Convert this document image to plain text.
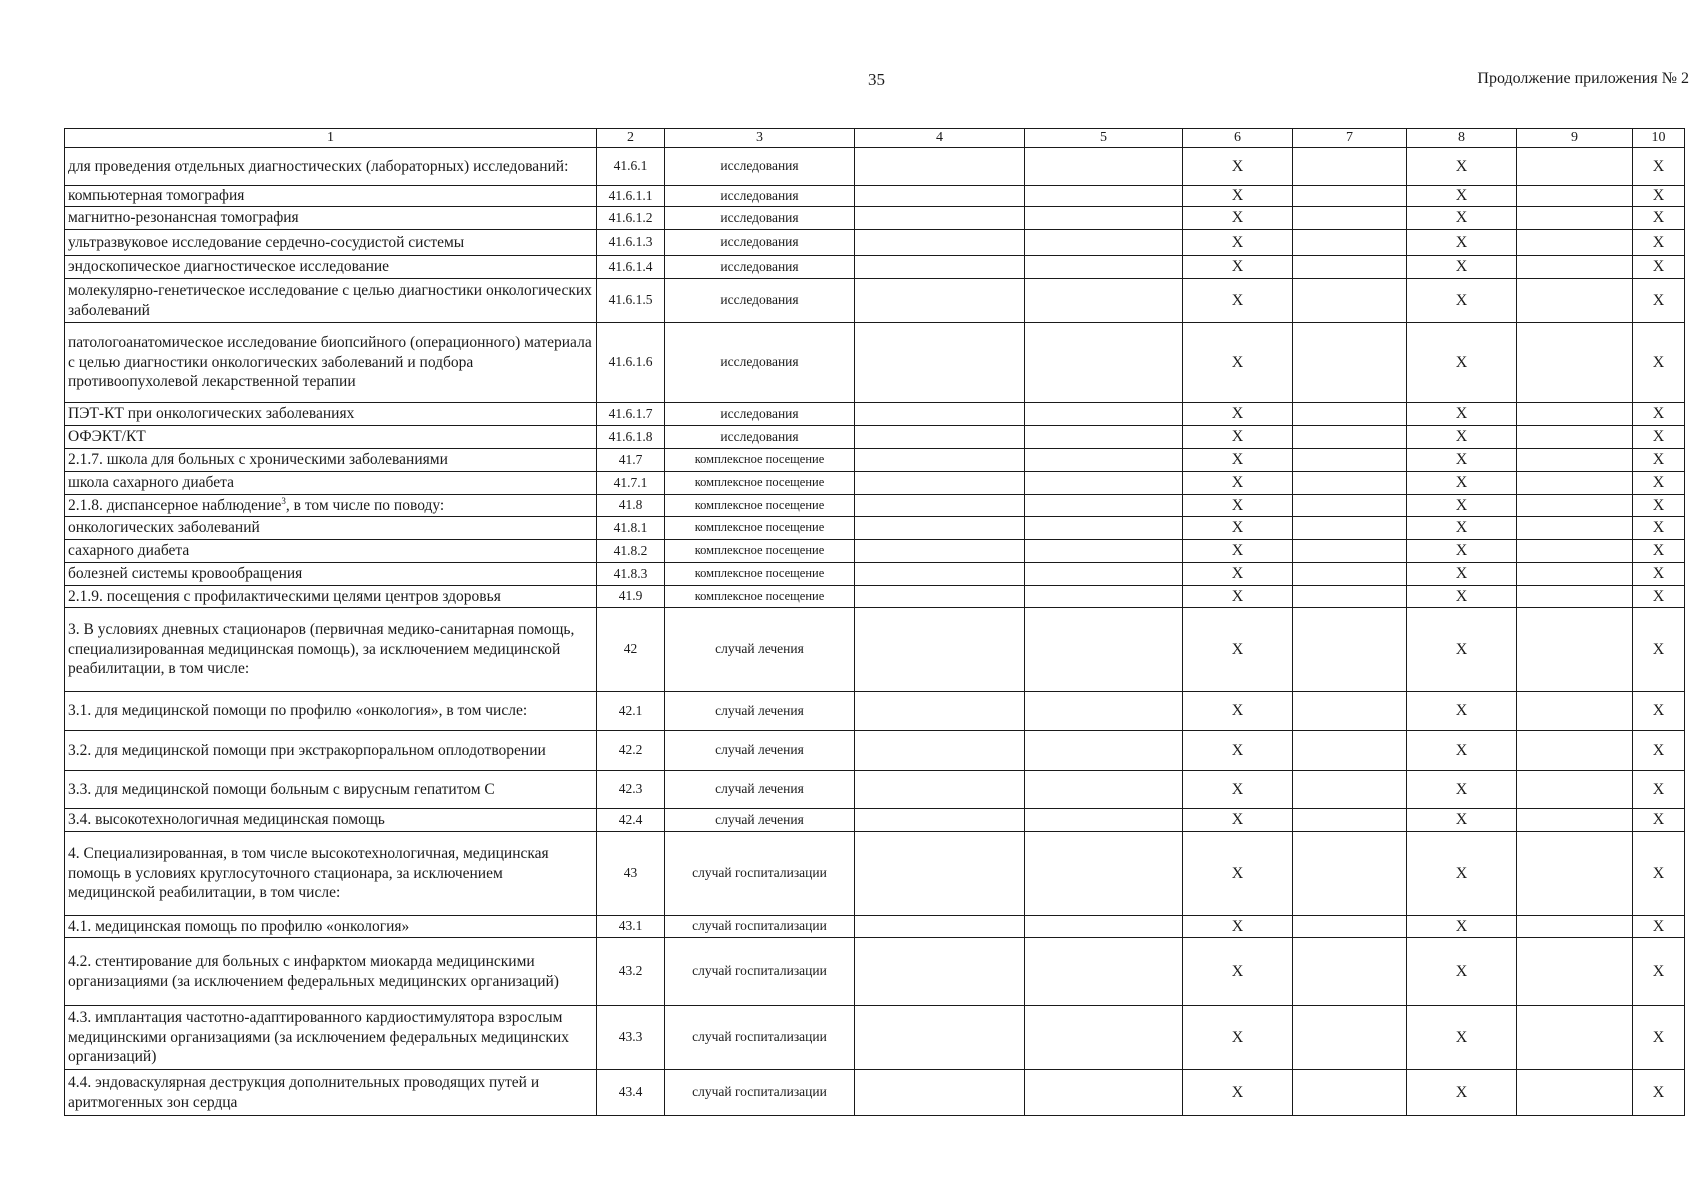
35	Продолжение приложения № 2
1	2	3	4	5	6	7	8	9	10
для проведения отдельных диагностических (лабораторных) исследований:	41.6.1	исследования			Х		Х		Х
компьютерная томография	41.6.1.1	исследования			Х		Х		Х
магнитно-резонансная томография	41.6.1.2	исследования			Х		Х		Х
ультразвуковое исследование сердечно-сосудистой системы	41.6.1.3	исследования			Х		Х		Х
эндоскопическое диагностическое исследование	41.6.1.4	исследования			Х		Х		Х
молекулярно-генетическое исследование с целью диагностики онкологических заболеваний	41.6.1.5	исследования			Х		Х		Х
патологоанатомическое исследование биопсийного (операционного) материала с целью диагностики онкологических заболеваний и подбора противоопухолевой лекарственной терапии	41.6.1.6	исследования			Х		Х		Х
ПЭТ-КТ при онкологических заболеваниях	41.6.1.7	исследования			Х		Х		Х
ОФЭКТ/КТ	41.6.1.8	исследования			Х		Х		Х
2.1.7. школа для больных с хроническими заболеваниями	41.7	комплексное посещение			Х		Х		Х
школа сахарного диабета	41.7.1	комплексное посещение			Х		Х		Х
2.1.8. диспансерное наблюдение$^3$, в том числе по поводу:	41.8	комплексное посещение			Х		Х		Х
онкологических заболеваний	41.8.1	комплексное посещение			Х		Х		Х
сахарного диабета	41.8.2	комплексное посещение			Х		Х		Х
болезней системы кровообращения	41.8.3	комплексное посещение			Х		Х		Х
2.1.9. посещения с профилактическими целями центров здоровья	41.9	комплексное посещение			Х		Х		Х
3. В условиях дневных стационаров (первичная медико-санитарная помощь, специализированная медицинская помощь), за исключением медицинской реабилитации, в том числе:	42	случай лечения			Х		Х		Х
3.1. для медицинской помощи по профилю «онкология», в том числе:	42.1	случай лечения			Х		Х		Х
3.2. для медицинской помощи при экстракорпоральном оплодотворении	42.2	случай лечения			Х		Х		Х
3.3. для медицинской помощи больным с вирусным гепатитом С	42.3	случай лечения			Х		Х		Х
3.4. высокотехнологичная медицинская помощь	42.4	случай лечения			Х		Х		Х
4. Специализированная, в том числе высокотехнологичная, медицинская помощь в условиях круглосуточного стационара, за исключением медицинской реабилитации, в том числе:	43	случай госпитализации			Х		Х		Х
4.1. медицинская помощь по профилю «онкология»	43.1	случай госпитализации			Х		Х		Х
4.2. стентирование для больных с инфарктом миокарда медицинскими организациями (за исключением федеральных медицинских организаций)	43.2	случай госпитализации			Х		Х		Х
4.3. имплантация частотно-адаптированного кардиостимулятора взрослым медицинскими организациями (за исключением федеральных медицинских организаций)	43.3	случай госпитализации			Х		Х		Х
4.4. эндоваскулярная деструкция дополнительных проводящих путей и аритмогенных зон сердца	43.4	случай госпитализации			Х		Х		Х
